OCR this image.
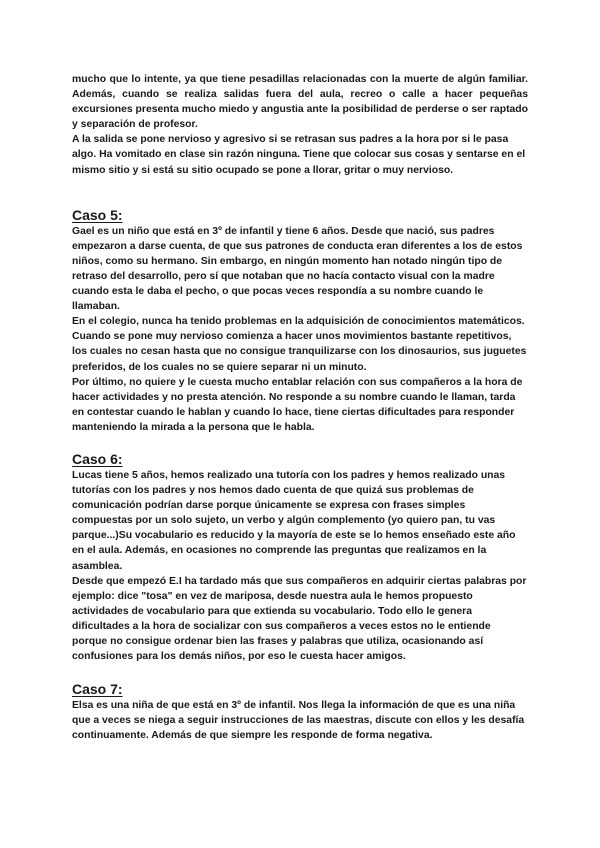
mucho que lo intente, ya que tiene pesadillas relacionadas con la muerte de algún familiar. Además, cuando se realiza salidas fuera del aula, recreo o calle a hacer pequeñas excursiones presenta mucho miedo y angustia ante la posibilidad de perderse o ser raptado y separación de profesor.

A la salida se pone nervioso y agresivo si se retrasan sus padres a la hora por si le pasa algo. Ha vomitado en clase sin razón ninguna. Tiene que colocar sus cosas y sentarse en el mismo sitio y si está su sitio ocupado se pone a llorar, gritar o muy nervioso.

Caso 5:

Gael es un niño que está en 3º de infantil y tiene 6 años. Desde que nació, sus padres empezaron a darse cuenta, de que sus patrones de conducta eran diferentes a los de estos niños, como su hermano. Sin embargo, en ningún momento han notado ningún tipo de retraso del desarrollo, pero sí que notaban que no hacía contacto visual con la madre cuando esta le daba el pecho, o que pocas veces respondía a su nombre cuando le llamaban.

En el colegio, nunca ha tenido problemas en la adquisición de conocimientos matemáticos. Cuando se pone muy nervioso comienza a hacer unos movimientos bastante repetitivos, los cuales no cesan hasta que no consigue tranquilizarse con los dinosaurios, sus juguetes preferidos, de los cuales no se quiere separar ni un minuto.

Por último, no quiere y le cuesta mucho entablar relación con sus compañeros a la hora de hacer actividades y no presta atención. No responde a su nombre cuando le llaman, tarda en contestar cuando le hablan y cuando lo hace, tiene ciertas dificultades para responder manteniendo la mirada a la persona que le habla.

Caso 6:

Lucas tiene 5 años, hemos realizado una tutoría con los padres y hemos realizado unas tutorías con los padres y nos hemos dado cuenta de que quizá sus problemas de comunicación podrían darse porque únicamente se expresa con frases simples compuestas por un solo sujeto, un verbo y algún complemento (yo quiero pan, tu vas parque...)Su vocabulario es reducido y la mayoría de este se lo hemos enseñado este año en el aula. Además, en ocasiones no comprende las preguntas que realizamos en la asamblea.

Desde que empezó E.I ha tardado más que sus compañeros en adquirir ciertas palabras por ejemplo: dice "tosa" en vez de mariposa, desde nuestra aula le hemos propuesto actividades de vocabulario para que extienda su vocabulario. Todo ello le genera dificultades a la hora de socializar con sus compañeros a veces estos no le entiende porque no consigue ordenar bien las frases y palabras que utiliza, ocasionando así confusiones para los demás niños, por eso le cuesta hacer amigos.

Caso 7:

Elsa es una niña de que está en 3º de infantil. Nos llega la información de que es una niña que a veces se niega a seguir instrucciones de las maestras, discute con ellos y les desafía continuamente. Además de que siempre les responde de forma negativa.
